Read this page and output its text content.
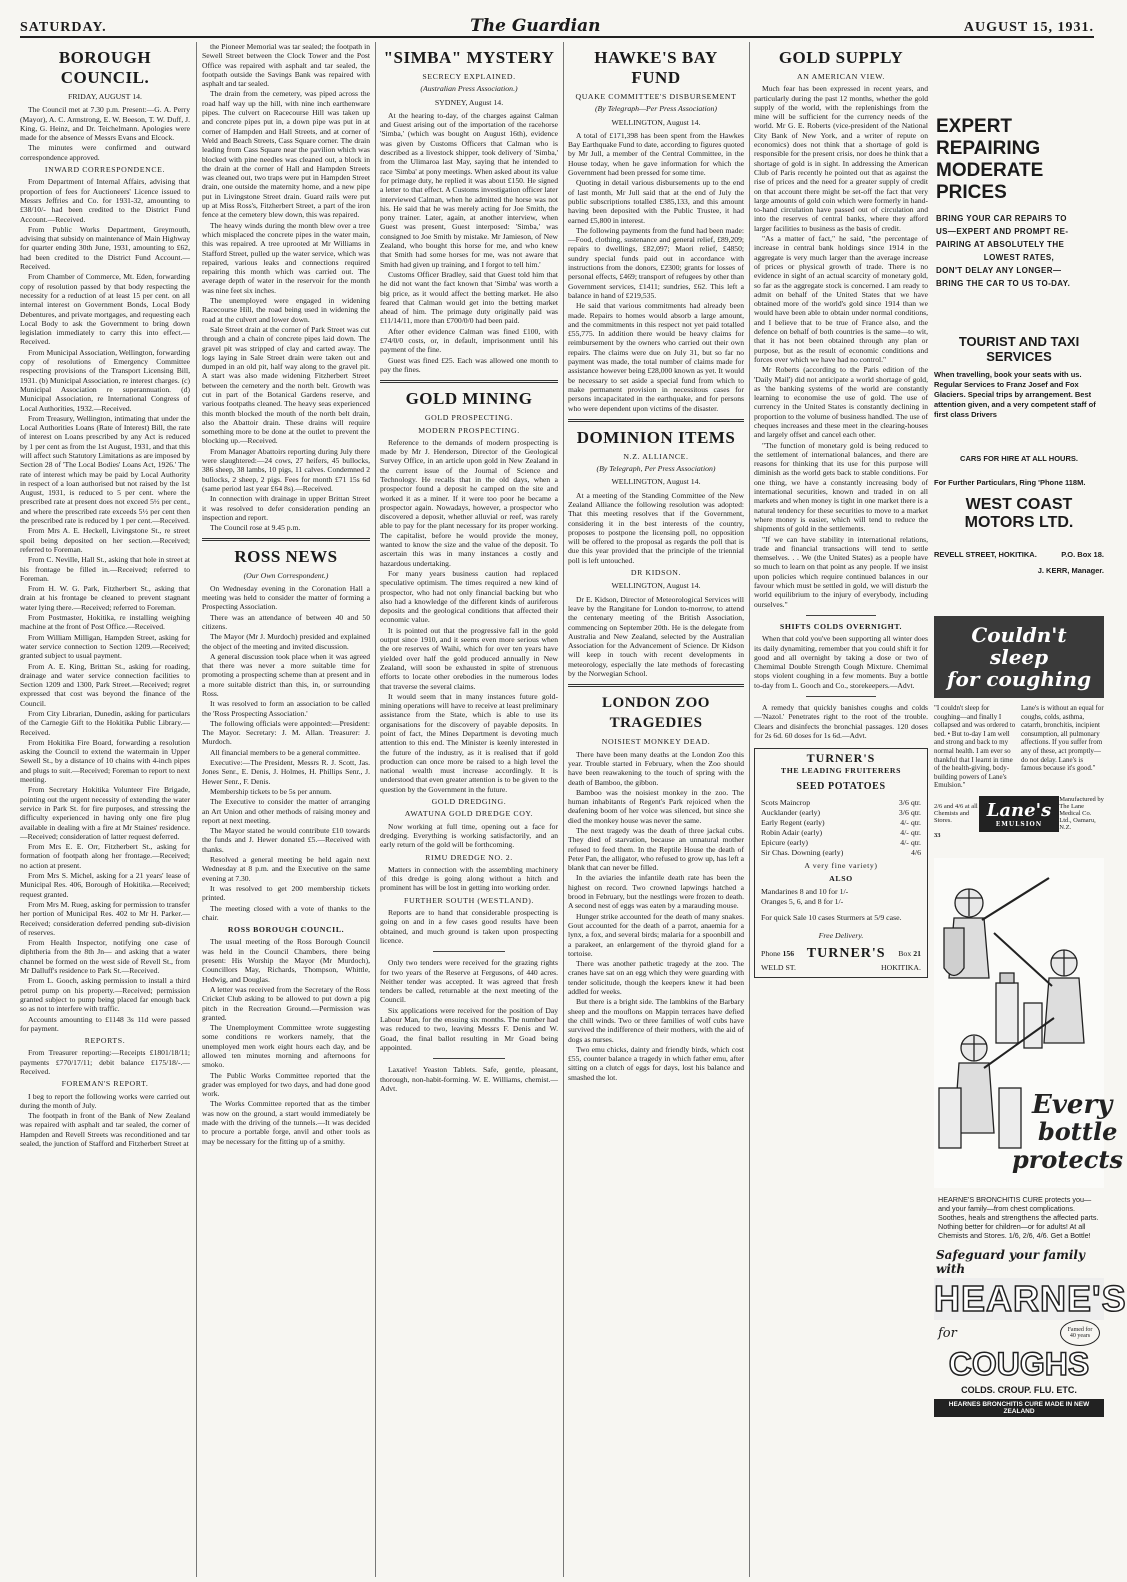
SATURDAY.	The Guardian	AUGUST 15, 1931.
BOROUGH COUNCIL.
FRIDAY, AUGUST 14.

The Council met at 7.30 p.m. Present:—G. A. Perry (Mayor), A. C. Armstrong, E. W. Beeson, T. W. Duff, J. King, G. Heinz, and Dr. Teichelmann. Apologies were made for the absence of Messrs Evans and Elcock.

The minutes were confirmed and outward correspondence approved.

INWARD CORRESPONDENCE.

From Department of Internal Affairs, advising that proportion of fees for Auctioneers' Licence issued to Messrs Jeffries and Co. for 1931-32, amounting to £38/10/- had been credited to the District Fund Account.—Received.

From Public Works Department, Greymouth, advising that subsidy on maintenance of Main Highway for quarter ending 30th June, 1931, amounting to £62, had been credited to the District Fund Account.—Received.

From Chamber of Commerce, Mt. Eden, forwarding copy of resolution passed by that body respecting the necessity for a reduction of at least 15 per cent. on all internal interest on Government Bonds, Local Body Debentures, and private mortgages, and requesting each Local Body to ask the Government to bring down legislation immediately to carry this into effect.—Received.

From Municipal Association, Wellington, forwarding copy of resolutions of Emergency Committee respecting provisions of the Transport Licensing Bill, 1931. (b) Municipal Association, re interest charges. (c) Municipal Association re superannuation. (d) Municipal Association, re International Congress of Local Authorities, 1932.—Received.

From Treasury, Wellington, intimating that under the Local Authorities Loans (Rate of Interest) Bill, the rate of interest on Loans prescribed by any Act is reduced by 1 per cent as from the 1st August, 1931, and that this will affect such Statutory Limitations as are imposed by Section 28 of 'The Local Bodies' Loans Act, 1926.' The rate of interest which may be paid by Local Authority in respect of a loan authorised but not raised by the 1st August, 1931, is reduced to 5 per cent. where the prescribed rate at present does not exceed 5½ per cent., and where the prescribed rate exceeds 5½ per cent then the prescribed rate is reduced by 1 per cent.—Received.

From Mrs A. E. Heckell, Livingstone St., re street spoil being deposited on her section.—Received; referred to Foreman.

From C. Neville, Hall St., asking that hole in street at his frontage be filled in.—Received; referred to Foreman.

From H. W. G. Park, Fitzherbert St., asking that drain at his frontage be cleaned to prevent stagnant water lying there.—Received; referred to Foreman.

From Postmaster, Hokitika, re installing weighing machine at the front of Post Office.—Received.

From William Milligan, Hampden Street, asking for water service connection to Section 1209.—Received; granted subject to usual payment.

From A. E. King, Brittan St., asking for roading, drainage and water service connection facilities to Section 1209 and 1300, Park Street.—Received; regret expressed that cost was beyond the finance of the Council.

From City Librarian, Dunedin, asking for particulars of the Carnegie Gift to the Hokitika Public Library.—Received.

From Hokitika Fire Board, forwarding a resolution asking the Council to extend the watermain in Upper Sewell St., by a distance of 10 chains with 4-inch pipes and plugs to suit.—Received; Foreman to report to next meeting.

From Secretary Hokitika Volunteer Fire Brigade, pointing out the urgent necessity of extending the water service in Park St. for fire purposes, and stressing the difficulty experienced in having only one fire plug available in dealing with a fire at Mr Staines' residence.—Received; consideration of latter request deferred.

From Mrs E. E. Orr, Fitzherbert St., asking for formation of footpath along her frontage.—Received; no action at present.

From Mrs S. Michel, asking for a 21 years' lease of Municipal Res. 406, Borough of Hokitika.—Received; request granted.

From Mrs M. Rueg, asking for permission to transfer her portion of Municipal Res. 402 to Mr H. Parker.—Received; consideration deferred pending sub-division of reserves.

From Health Inspector, notifying one case of diphtheria from the 8th Jn— and asking that a water channel be formed on the west side of Revell St., from Mr Dalluff's residence to Park St.—Received.

From L. Gooch, asking permission to install a third petrol pump on his property.—Received; permission granted subject to pump being placed far enough back so as not to interfere with traffic.

Accounts amounting to £1148 3s 11d were passed for payment.

REPORTS.

From Treasurer reporting:—Receipts £1801/18/11; payments £770/17/11; debit balance £175/18/-.—Received.

FOREMAN'S REPORT.

I beg to report the following works were carried out during the month of July.

The footpath in front of the Bank of New Zealand was repaired with asphalt and tar sealed, the corner of Hampden and Revell Streets was reconditioned and tar sealed, the junction of Stafford and Fitzherbert Street at

the Pioneer Memorial was tar sealed; the footpath in Sewell Street between the Clock Tower and the Post Office was repaired with asphalt and tar sealed, the footpath outside the Savings Bank was repaired with asphalt and tar sealed.

The drain from the cemetery, was piped across the road half way up the hill, with nine inch earthenware pipes. The culvert on Racecourse Hill was taken up and concrete pipes put in, a down pipe was put in at corner of Hampden and Hall Streets, and at corner of Weld and Beach Streets, Cass Square corner. The drain leading from Cass Square near the pavilion which was blocked with pine needles was cleaned out, a block in the drain at the corner of Hall and Hampden Streets was cleaned out, two traps were put in Hampden Street drain, one outside the maternity home, and a new pipe put in Livingstone Street drain. Guard rails were put up at Miss Ross's, Fitzherbert Street, a part of the iron fence at the cemetery blew down, this was repaired.

The heavy winds during the month blew over a tree which misplaced the concrete pipes in the water main, this was repaired. A tree uprooted at Mr Williams in Stafford Street, pulled up the water service, which was repaired, various leaks and connections required repairing this month which was carried out. The average depth of water in the reservoir for the month was nine feet six inches.

The unemployed were engaged in widening Racecourse Hill, the road being used in widening the road at the culvert and lower down.

Sale Street drain at the corner of Park Street was cut through and a chain of concrete pipes laid down. The gravel pit was stripped of clay and carted away. The logs laying in Sale Street drain were taken out and dumped in an old pit, half way along to the gravel pit. A start was also made widening Fitzherbert Street between the cemetery and the north belt. Growth was cut in part of the Botanical Gardens reserve, and various footpaths cleaned. The heavy seas experienced this month blocked the mouth of the north belt drain, also the Abattoir drain. These drains will require something more to be done at the outlet to prevent the blocking up.—Received.

From Manager Abattoirs reporting during July there were slaughtered:—24 cows, 27 heifers, 45 bullocks, 386 sheep, 38 lambs, 10 pigs, 11 calves. Condemned 2 bullocks, 2 sheep, 2 pigs. Fees for month £71 15s 6d (same period last year £64 8s).—Received.

In connection with drainage in upper Brittan Street it was resolved to defer consideration pending an inspection and report.

The Council rose at 9.45 p.m.

ROSS NEWS
(Our Own Correspondent.)

On Wednesday evening in the Coronation Hall a meeting was held to consider the matter of forming a Prospecting Association.

There was an attendance of between 40 and 50 citizens.

The Mayor (Mr J. Murdoch) presided and explained the object of the meeting and invited discussion.

A general discussion took place when it was agreed that there was never a more suitable time for promoting a prospecting scheme than at present and in a more suitable district than this, in, or surrounding Ross.

It was resolved to form an association to be called the 'Ross Prospecting Association.'

The following officials were appointed:—President: The Mayor. Secretary: J. M. Allan. Treasurer: J. Murdoch.

All financial members to be a general committee.

Executive:—The President, Messrs R. J. Scott, Jas. Jones Senr., E. Denis, J. Holmes, H. Phillips Senr., J. Hewer Senr., F. Denis.

Membership tickets to be 5s per annum.

The Executive to consider the matter of arranging an Art Union and other methods of raising money and report at next meeting.

The Mayor stated he would contribute £10 towards the funds and J. Hewer donated £5.—Received with thanks.

Resolved a general meeting be held again next Wednesday at 8 p.m. and the Executive on the same evening at 7.30.

It was resolved to get 200 membership tickets printed.

The meeting closed with a vote of thanks to the chair.

ROSS BOROUGH COUNCIL.

The usual meeting of the Ross Borough Council was held in the Council Chambers, there being present: His Worship the Mayor (Mr Murdoch), Councillors May, Richards, Thompson, Whittle, Hedwig, and Douglas.

A letter was received from the Secretary of the Ross Cricket Club asking to be allowed to put down a pig pitch in the Recreation Ground.—Permission was granted.

The Unemployment Committee wrote suggesting some conditions re workers namely, that the unemployed men work eight hours each day, and be allowed ten minutes morning and afternoons for smoko.

The Public Works Committee reported that the grader was employed for two days, and had done good work.

The Works Committee reported that as the timber was now on the ground, a start would immediately be made with the driving of the tunnels.—It was decided to procure a portable forge, anvil and other tools as may be necessary for the fitting up of a smithy.

"SIMBA" MYSTERY
SECRECY EXPLAINED.
(Australian Press Association.)
SYDNEY, August 14.

At the hearing to-day, of the charges against Calman and Guest arising out of the importation of the racehorse 'Simba,' (which was bought on August 16th), evidence was given by Customs Officers that Calman who is described as a livestock shipper, took delivery of 'Simba,' from the Ulimaroa last May, saying that he intended to race 'Simba' at pony meetings. When asked about its value for primage duty, he replied it was about £150. He signed a letter to that effect. A Customs investigation officer later interviewed Calman, when he admitted the horse was not his. He said that he was merely acting for Joe Smith, the pony trainer. Later, again, at another interview, when Guest was present, Guest interposed: 'Simba,' was consigned to Joe Smith by mistake. Mr Jamieson, of New Zealand, who bought this horse for me, and who knew that Smith had some horses for me, was not aware that Smith had given up training, and I forgot to tell him.'

Customs Officer Bradley, said that Guest told him that he did not want the fact known that 'Simba' was worth a big price, as it would affect the betting market. He also feared that Calman would get into the betting market ahead of him. The primage duty originally paid was £11/14/11, more than £700/0/0 had been paid.

After other evidence Calman was fined £100, with £74/0/0 costs, or, in default, imprisonment until his payment of the fine.

Guest was fined £25. Each was allowed one month to pay the fines.

GOLD MINING
GOLD PROSPECTING.
MODERN PROSPECTING.

Reference to the demands of modern prospecting is made by Mr J. Henderson, Director of the Geological Survey Office, in an article upon gold in New Zealand in the current issue of the Journal of Science and Technology. He recalls that in the old days, when a prospector found a deposit he camped on the site and worked it as a miner. If it were too poor he became a prospector again. Nowadays, however, a prospector who discovered a deposit, whether alluvial or reef, was rarely able to pay for the plant necessary for its proper working. The capitalist, before he would provide the money, wanted to know the size and the value of the deposit. To ascertain this was in many instances a costly and hazardous undertaking.

For many years business caution had replaced speculative optimism. The times required a new kind of prospector, who had not only financial backing but who also had a knowledge of the different kinds of auriferous deposits and the geological conditions that affected their economic value.

It is pointed out that the progressive fall in the gold output since 1910, and it seems even more serious when the ore reserves of Waihi, which for over ten years have yielded over half the gold produced annually in New Zealand, will soon be exhausted in spite of strenuous efforts to locate other orebodies in the numerous lodes that traverse the several claims.

It would seem that in many instances future gold-mining operations will have to receive at least preliminary assistance from the State, which is able to use its organisations for the discovery of payable deposits. In point of fact, the Mines Department is devoting much attention to this end. The Minister is keenly interested in the future of the industry, as it is realised that if gold production can once more be raised to a high level the national wealth must increase accordingly. It is understood that even greater attention is to be given to the question by the Government in the future.

GOLD DREDGING.
AWATUNA GOLD DREDGE COY.

Now working at full time, opening out a face for dredging. Everything is working satisfactorily, and an early return of the gold will be forthcoming.

RIMU DREDGE NO. 2.

Matters in connection with the assembling machinery of this dredge is going along without a hitch and prominent has will be lost in getting into working order.

FURTHER SOUTH (WESTLAND).

Reports are to hand that considerable prospecting is going on and in a few cases good results have been obtained, and much ground is taken upon prospecting licence.

Only two tenders were received for the grazing rights for two years of the Reserve at Fergusons, of 440 acres. Neither tender was accepted. It was agreed that fresh tenders be called, returnable at the next meeting of the Council.

Six applications were received for the position of Day Labour Man, for the ensuing six months. The number had was reduced to two, leaving Messrs F. Denis and W. Goad, the final ballot resulting in Mr Goad being appointed.

Laxative! Yeaston Tablets. Safe, gentle, pleasant, thorough, non-habit-forming. W. E. Williams, chemist.—Advt.

HAWKE'S BAY FUND
QUAKE COMMITTEE'S DISBURSEMENT
(By Telegraph—Per Press Association)
WELLINGTON, August 14.

A total of £171,398 has been spent from the Hawkes Bay Earthquake Fund to date, according to figures quoted by Mr Jull, a member of the Central Committee, in the House today, when he gave information for which the Government had been pressed for some time.

Quoting in detail various disbursements up to the end of last month, Mr Jull said that at the end of July the public subscriptions totalled £385,133, and this amount having been deposited with the Public Trustee, it had earned £5,800 in interest.

The following payments from the fund had been made:—Food, clothing, sustenance and general relief, £89,209; repairs to dwellings, £82,097; Maori relief, £4850; sundry special funds paid out in accordance with instructions from the donors, £2300; grants for losses of personal effects, £469; transport of refugees by other than Government services, £1411; sundries, £62. This left a balance in hand of £219,535.

He said that various commitments had already been made. Repairs to homes would absorb a large amount, and the commitments in this respect not yet paid totalled £55,775. In addition there would be heavy claims for reimbursement by the owners who carried out their own repairs. The claims were due on July 31, but so far no payment was made, the total number of claims made for assistance however being £28,000 known as yet. It would be necessary to set aside a special fund from which to make permanent provision in necessitous cases for persons incapacitated in the earthquake, and for persons who were dependent upon victims of the disaster.

DOMINION ITEMS
N.Z. ALLIANCE.
(By Telegraph, Per Press Association)
WELLINGTON, August 14.

At a meeting of the Standing Committee of the New Zealand Alliance the following resolution was adopted: That this meeting resolves that if the Government, considering it in the best interests of the country, proposes to postpone the licensing poll, no opposition will be offered to the proposal as regards the poll that is due this year provided that the principle of the triennial poll is left untouched.

DR KIDSON.
WELLINGTON, August 14.

Dr E. Kidson, Director of Meteorological Services will leave by the Rangitane for London to-morrow, to attend the centenary meeting of the British Association, commencing on September 20th. He is the delegate from Australia and New Zealand, selected by the Australian Association for the Advancement of Science. Dr Kidson will keep in touch with recent developments in meteorology, especially the late methods of forecasting by the Norwegian School.

LONDON ZOO TRAGEDIES
NOISIEST MONKEY DEAD.

There have been many deaths at the London Zoo this year. Trouble started in February, when the Zoo should have been reawakening to the touch of spring with the death of Bamboo, the gibbon.

Bamboo was the noisiest monkey in the zoo. The human inhabitants of Regent's Park rejoiced when the deafening boom of her voice was silenced, but since she died the monkey house was never the same.

The next tragedy was the death of three jackal cubs. They died of starvation, because an unnatural mother refused to feed them. In the Reptile House the death of Peter Pan, the alligator, who refused to grow up, has left a blank that can never be filled.

In the aviaries the infantile death rate has been the highest on record. Two crowned lapwings hatched a brood in February, but the nestlings were frozen to death. A second nest of eggs was eaten by a marauding mouse.

Hunger strike accounted for the death of many snakes. Gout accounted for the death of a parrot, anaemia for a lynx, a fox, and several birds; malaria for a spoonbill and a parakeet, an enlargement of the thyroid gland for a tortoise.

There was another pathetic tragedy at the zoo. The cranes have sat on an egg which they were guarding with tender solicitude, though the keepers knew it had been addled for weeks.

But there is a bright side. The lambkins of the Barbary sheep and the mouflons on Mappin terraces have defied the chill winds. Two or three families of wolf cubs have survived the indifference of their mothers, with the aid of dogs as nurses.

Two emu chicks, dainty and friendly birds, which cost £55, counter balance a tragedy in which father emu, after sitting on a clutch of eggs for days, lost his balance and smashed the lot.

GOLD SUPPLY
AN AMERICAN VIEW.

Much fear has been expressed in recent years, and particularly during the past 12 months, whether the gold supply of the world, with the replenishings from the mine will be sufficient for the currency needs of the world. Mr G. E. Roberts (vice-president of the National City Bank of New York, and a writer of repute on economics) does not think that a shortage of gold is responsible for the present crisis, nor does he think that a shortage of gold is in sight. In addressing the American Club of Paris recently he pointed out that as against the rise of prices and the need for a greater supply of credit on that account there might be set-off the fact that very large amounts of gold coin which were formerly in hand-to-hand circulation have passed out of circulation and into the reserves of central banks, where they afford larger facilities to business as the basis of credit.

"As a matter of fact," he said, "the percentage of increase in central bank holdings since 1914 in the aggregate is very much larger than the average increase of prices or physical growth of trade. There is no evidence in sight of an actual scarcity of monetary gold, so far as the aggregate stock is concerned. I am ready to admit on behalf of the United States that we have obtained more of the world's gold since 1914 than we would have been able to obtain under normal conditions, and I believe that to be true of France also, and the defence on behalf of both countries is the same—to wit, that it has not been obtained through any plan or purpose, but as the result of economic conditions and forces over which we have had no control."

Mr Roberts (according to the Paris edition of the 'Daily Mail') did not anticipate a world shortage of gold, as 'the banking systems of the world are constantly learning to economise the use of gold. The use of currency in the United States is constantly declining in proportion to the volume of business handled. The use of cheques increases and these meet in the clearing-houses and largely offset and cancel each other.

"The function of monetary gold is being reduced to the settlement of international balances, and there are reasons for thinking that its use for this purpose will diminish as the world gets back to stable conditions. For one thing, we have a constantly increasing body of international securities, known and traded in on all markets and when money is tight in one market there is a natural tendency for these securities to move to a market where money is easier, which will tend to reduce the shipments of gold in the settlements.

"If we can have stability in international relations, trade and financial transactions will tend to settle themselves. . . We (the United States) as a people have so much to learn on that point as any people. If we insist upon policies which require continued balances in our favour which must be settled in gold, we will disturb the world equilibrium to the injury of everybody, including ourselves."

SHIFTS COLDS OVERNIGHT.

When that cold you've been supporting all winter does its daily dynamiting, remember that you could shift it for good and all overnight by taking a dose or two of Chemimal Double Strength Cough Mixture. Chemimal stops violent coughing in a few moments. Buy a bottle to-day from L. Gooch and Co., storekeepers.—Advt.

A remedy that quickly banishes coughs and colds—'Nazol.' Penetrates right to the root of the trouble. Clears and disinfects the bronchial passages. 120 doses for 2s 6d. 60 doses for 1s 6d.—Advt.

TURNER'S
THE LEADING FRUITERERS
SEED POTATOES
Scots Maincrop	3/6 qtr.
Aucklander (early)	3/6 qtr.
Early Regent (early)	4/- qtr.
Robin Adair (early)	4/- qtr.
Epicure (early)	4/- qtr.
Sir Chas. Downing (early)	4/6
A very fine variety)
ALSO
Mandarines 8 and 10 for 1/-
Oranges 5, 6, and 8 for 1/-
For quick Sale 10 cases Sturmers at 5/9 case.
Free Delivery.
Phone 156 TURNER'S Box 21
WELD ST.	HOKITIKA.
EXPERT REPAIRING
MODERATE PRICES
BRING YOUR CAR REPAIRS TO
US—EXPERT AND PROMPT RE-
PAIRING AT ABSOLUTELY THE
LOWEST RATES,
DON'T DELAY ANY LONGER—
BRING THE CAR TO US TO-DAY.
TOURIST AND TAXI SERVICES
When travelling, book your seats with us. Regular Services to Franz Josef and Fox Glaciers. Special trips by arrangement. Best attention given, and a very competent staff of first class Drivers
CARS FOR HIRE AT ALL HOURS.
For Further Particulars, Ring 'Phone 118M.
WEST COAST MOTORS LTD.
REVELL STREET, HOKITIKA.	P.O. Box 18.
J. KERR, Manager.
Couldn't
sleep
for coughing
"I couldn't sleep for coughing—and finally I collapsed and was ordered to bed. • But to-day I am well and strong and back to my normal health. I am ever so thankful that I learnt in time of the health-giving, body-building powers of Lane's Emulsion."
Lane's is without an equal for coughs, colds, asthma, catarrh, bronchitis, incipient consumption, all pulmonary affections. If you suffer from any of these, act promptly—do not delay. Lane's is famous because it's good."
2/6 and 4/6 at all Chemists and Stores.	Lane's
EMULSION
Manufactured by The Lane Medical Co. Ltd., Oamaru, N.Z.
33
Every
bottle
protects
HEARNE'S BRONCHITIS CURE protects you—and your family—from chest complications. Soothes, heals and strengthens the affected parts. Nothing better for children—or for adults! At all Chemists and Stores. 1/6, 2/6, 4/6. Get a Bottle!
Safeguard your family with
HEARNE'S
for	Famed for 40 years
COUGHS
COLDS. CROUP. FLU. ETC.
HEARNES BRONCHITIS CURE MADE IN NEW ZEALAND
